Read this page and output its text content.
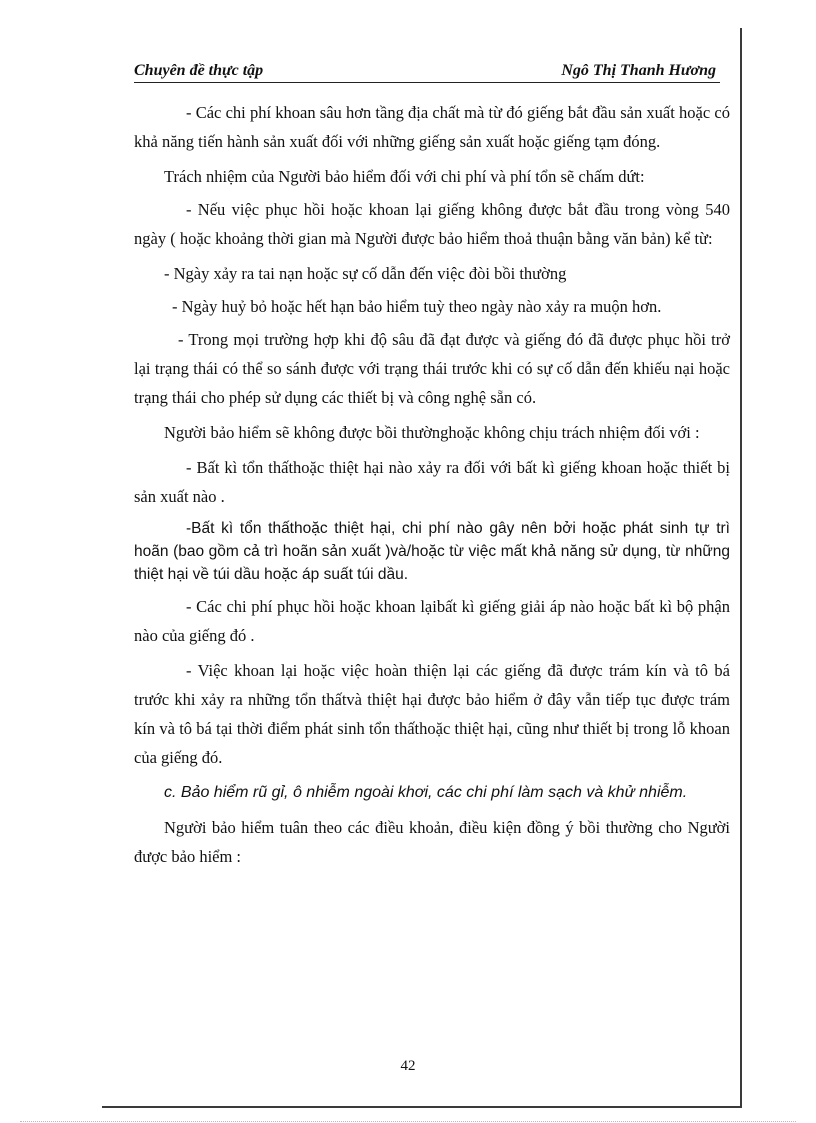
Chuyên đề thực tập	Ngô Thị Thanh Hương

- Các chi phí khoan sâu hơn tầng địa chất mà từ đó giếng bắt đầu sản xuất hoặc có khả năng tiến hành sản xuất đối với những giếng sản xuất hoặc giếng tạm đóng.

Trách nhiệm của Người bảo hiểm đối với chi phí và phí tổn sẽ chấm dứt:

- Nếu việc phục hồi hoặc khoan lại giếng không được bắt đầu trong vòng 540 ngày ( hoặc khoảng thời gian mà Người được bảo hiểm thoả thuận bằng văn bản) kể từ:

- Ngày xảy ra tai nạn hoặc sự cố dẫn đến việc đòi bồi thường

- Ngày huỷ bỏ hoặc hết hạn bảo hiểm tuỳ theo ngày nào xảy ra muộn hơn.

- Trong mọi trường hợp khi độ sâu đã đạt được và giếng đó đã được phục hồi trở lại trạng thái có thể so sánh được với trạng thái trước khi có sự cố dẫn đến khiếu nại hoặc trạng thái cho phép sử dụng các thiết bị và công nghệ sẵn có.

Người bảo hiểm sẽ không được bồi thườnghoặc không chịu trách nhiệm đối với :

- Bất kì tổn thấthoặc thiệt hại nào xảy ra đối với bất kì giếng khoan hoặc thiết bị sản xuất nào .

-Bất kì tổn thấthoặc thiệt hại, chi phí nào gây nên bởi hoặc phát sinh tự trì hoãn (bao gồm cả trì hoãn sản xuất )và/hoặc từ việc mất khả năng sử dụng, từ những thiệt hại về túi dầu hoặc áp suất túi dầu.

- Các chi phí phục hồi hoặc khoan lạibất kì giếng giải áp nào hoặc bất kì bộ phận nào của giếng đó .

- Việc khoan lại hoặc việc hoàn thiện lại các giếng đã được trám kín và tô bá trước khi xảy ra những tổn thấtvà thiệt hại được bảo hiểm ở đây vẫn tiếp tục được trám kín và tô bá tại thời điểm phát sinh tổn thấthoặc thiệt hại, cũng như thiết bị trong lỗ khoan của giếng đó.

c. Bảo hiểm rũ gỉ, ô nhiễm ngoài khơi, các chi phí làm sạch và khử nhiễm.

Người bảo hiểm tuân theo các điều khoản, điều kiện đồng ý bồi thường cho Người được bảo hiểm :

42
